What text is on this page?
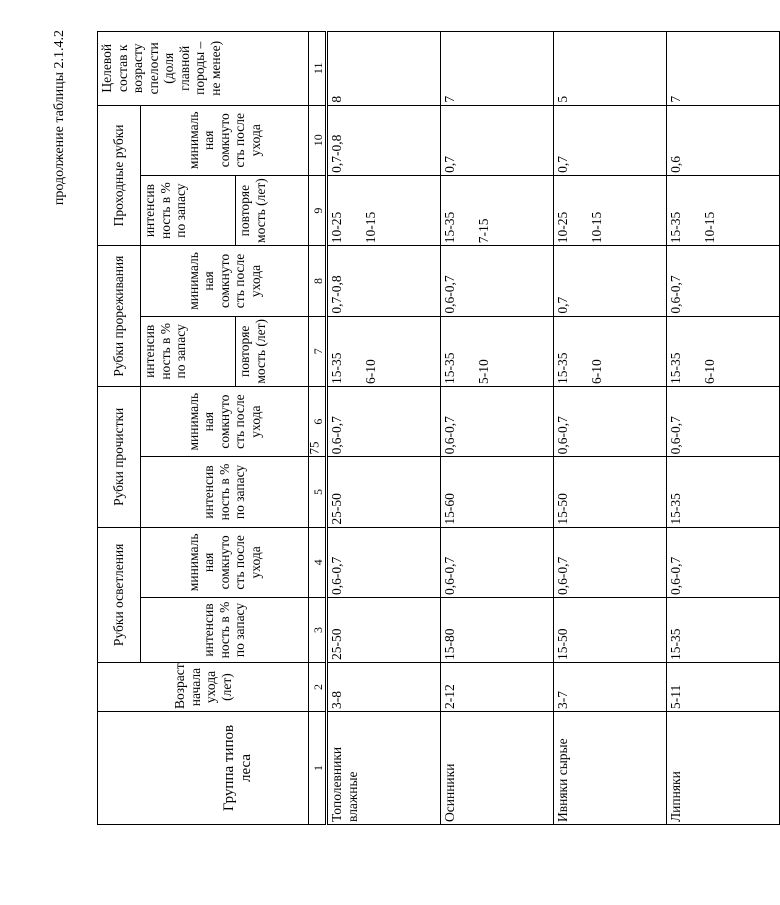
продолжение таблицы 2.1.4.2
Группа типов леса	Возраст начала ухода (лет)	Рубки осветления		Рубки прочистки		Рубки прореживания		Проходные рубки		Целевой состав к возрасту спелости (доля главной породы – не менее)
		интенсив ность в % по запасу	минималь ная сомкнуто сть после ухода	интенсив ность в % по запасу	минималь ная сомкнуто сть после ухода	интенсив ность в % по запасу	минималь ная сомкнуто сть после ухода	интенсив ность в % по запасу	минималь ная сомкнуто сть после ухода	
						повторяе мость (лет)		повторяе мость (лет)		
1	2	3	4	5	6	7	8	9	10	11
Тополевники влажные	3-8	25-50	0,6-0,7	25-50	0,6-0,7	15-35 6-10	0,7-0,8	10-25 10-15	0,7-0,8	8
Осинники	2-12	15-80	0,6-0,7	15-60	0,6-0,7	15-35 5-10	0,6-0,7	15-35 7-15	0,7	7
Ивняки сырые	3-7	15-50	0,6-0,7	15-50	0,6-0,7	15-35 6-10	0,7	10-25 10-15	0,7	5
Липняки	5-11	15-35	0,6-0,7	15-35	0,6-0,7	15-35 6-10	0,6-0,7	15-35 10-15	0,6	7
75
